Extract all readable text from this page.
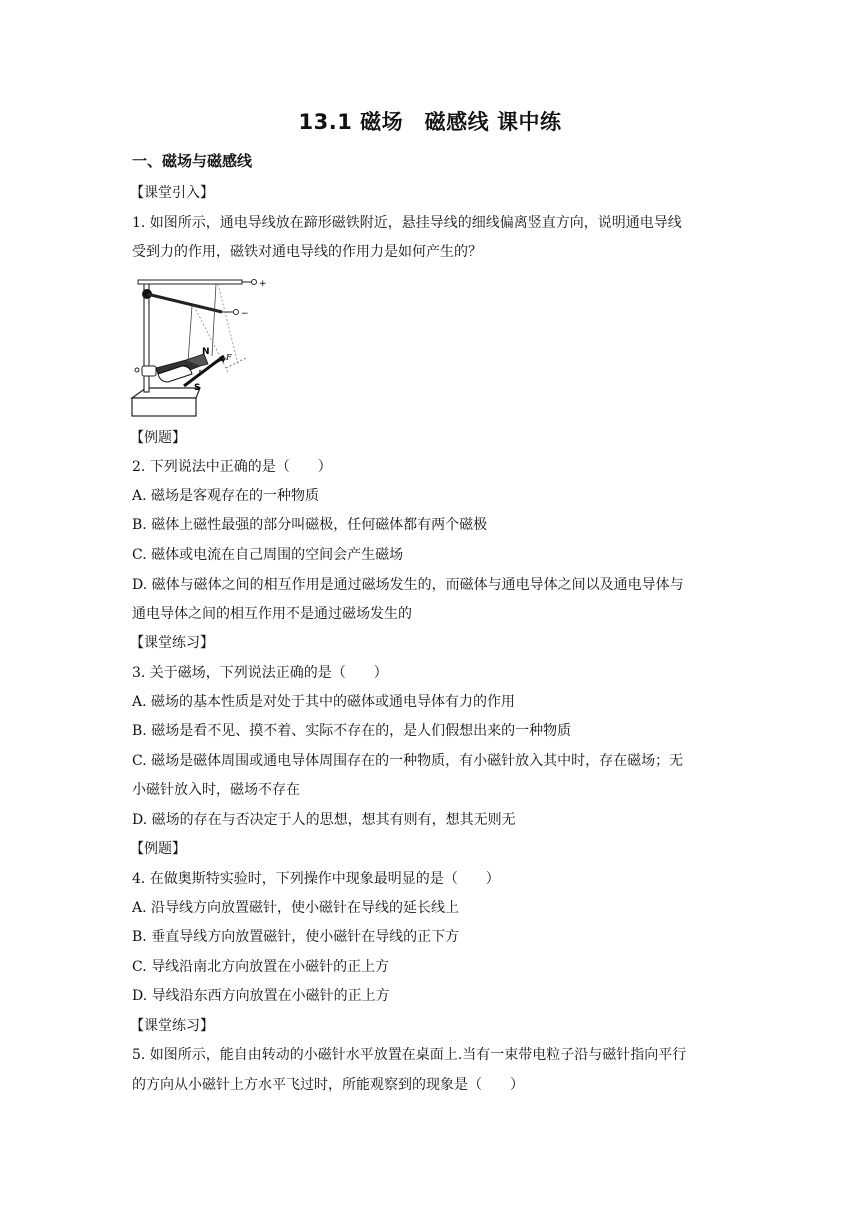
13.1 磁场　磁感线 课中练
一、磁场与磁感线
【课堂引入】
1. 如图所示，通电导线放在蹄形磁铁附近，悬挂导线的细线偏离竖直方向，说明通电导线
受到力的作用，磁铁对通电导线的作用力是如何产生的？
+
−
N
S
I
F
【例题】
2. 下列说法中正确的是（　　）
A. 磁场是客观存在的一种物质
B. 磁体上磁性最强的部分叫磁极，任何磁体都有两个磁极
C. 磁体或电流在自己周围的空间会产生磁场
D. 磁体与磁体之间的相互作用是通过磁场发生的，而磁体与通电导体之间以及通电导体与
通电导体之间的相互作用不是通过磁场发生的
【课堂练习】
3. 关于磁场，下列说法正确的是（　　）
A. 磁场的基本性质是对处于其中的磁体或通电导体有力的作用
B. 磁场是看不见、摸不着、实际不存在的，是人们假想出来的一种物质
C. 磁场是磁体周围或通电导体周围存在的一种物质，有小磁针放入其中时，存在磁场；无
小磁针放入时，磁场不存在
D. 磁场的存在与否决定于人的思想，想其有则有，想其无则无
【例题】
4. 在做奥斯特实验时，下列操作中现象最明显的是（　　）
A. 沿导线方向放置磁针，使小磁针在导线的延长线上
B. 垂直导线方向放置磁针，使小磁针在导线的正下方
C. 导线沿南北方向放置在小磁针的正上方
D. 导线沿东西方向放置在小磁针的正上方
【课堂练习】
5. 如图所示，能自由转动的小磁针水平放置在桌面上.当有一束带电粒子沿与磁针指向平行
的方向从小磁针上方水平飞过时，所能观察到的现象是（　　）
